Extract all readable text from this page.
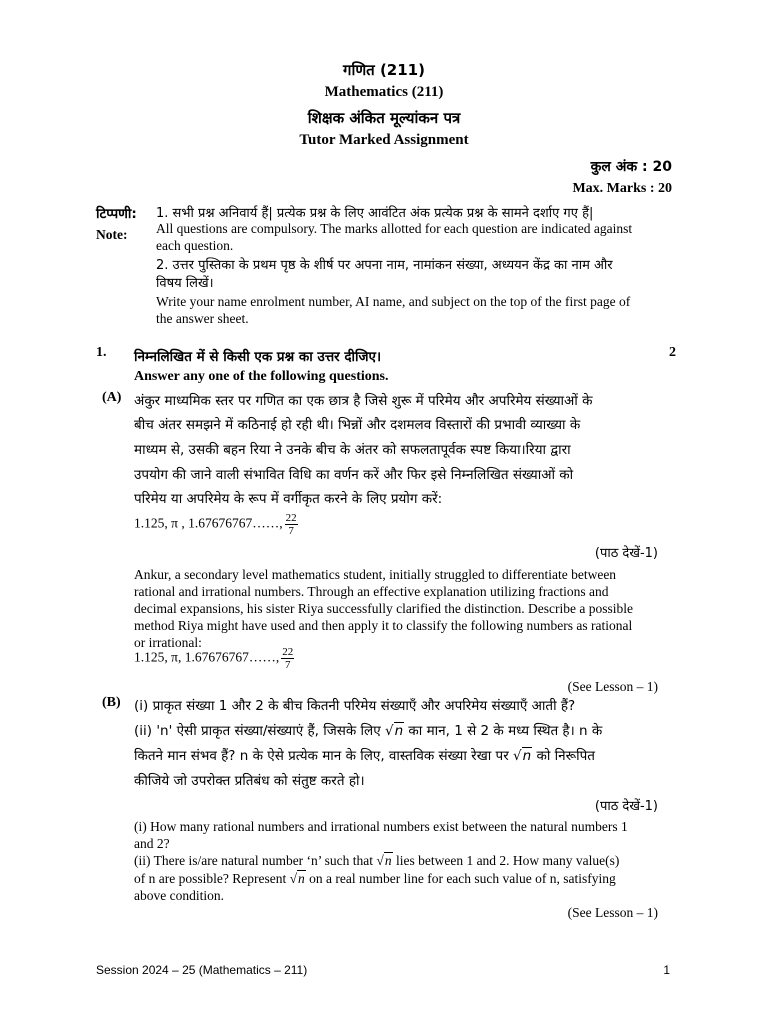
गणित (211)
Mathematics (211)
शिक्षक अंकित मूल्यांकन पत्र
Tutor Marked Assignment
कुल अंक : 20
Max. Marks : 20
टिप्पणी:
Note:
1. सभी प्रश्न अनिवार्य हैं| प्रत्येक प्रश्न के लिए आवंटित अंक प्रत्येक प्रश्न के सामने दर्शाए गए हैं|
All questions are compulsory. The marks allotted for each question are indicated against
each question.
2. उत्तर पुस्तिका के प्रथम पृष्ठ के शीर्ष पर अपना नाम, नामांकन संख्या, अध्ययन केंद्र का नाम और
विषय लिखें।
Write your name enrolment number, AI name, and subject on the top of the first page of
the answer sheet.
1. निम्नलिखित में से किसी एक प्रश्न का उत्तर दीजिए।
Answer any one of the following questions.
2
(A) अंकुर माध्यमिक स्तर पर गणित का एक छात्र है जिसे शुरू में परिमेय और अपरिमेय संख्याओं के
बीच अंतर समझने में कठिनाई हो रही थी। भिन्नों और दशमलव विस्तारों की प्रभावी व्याख्या के
माध्यम से, उसकी बहन रिया ने उनके बीच के अंतर को सफलतापूर्वक स्पष्ट किया।रिया द्वारा
उपयोग की जाने वाली संभावित विधि का वर्णन करें और फिर इसे निम्नलिखित संख्याओं को
परिमेय या अपरिमेय के रूप में वर्गीकृत करने के लिए प्रयोग करें:
1.125, π , 1.67676767……, $\frac{22}{7}$
(पाठ देखें-1)
Ankur, a secondary level mathematics student, initially struggled to differentiate between
rational and irrational numbers. Through an effective explanation utilizing fractions and
decimal expansions, his sister Riya successfully clarified the distinction. Describe a possible
method Riya might have used and then apply it to classify the following numbers as rational
or irrational:
1.125, π, 1.67676767……, $\frac{22}{7}$
(See Lesson – 1)
(B) (i) प्राकृत संख्या 1 और 2 के बीच कितनी परिमेय संख्याएँ और अपरिमेय संख्याएँ आती हैं?
(ii) 'n' ऐसी प्राकृत संख्या/संख्याएं हैं, जिसके लिए √n का मान, 1 से 2 के मध्य स्थित है। n के
कितने मान संभव हैं? n के ऐसे प्रत्येक मान के लिए, वास्तविक संख्या रेखा पर √n को निरूपित
कीजिये जो उपरोक्त प्रतिबंध को संतुष्ट करते हो।
(पाठ देखें-1)
(i) How many rational numbers and irrational numbers exist between the natural numbers 1
and 2?
(ii) There is/are natural number ‘n’ such that √n lies between 1 and 2. How many value(s)
of n are possible? Represent √n on a real number line for each such value of n, satisfying
above condition.
(See Lesson – 1)
Session 2024 – 25 (Mathematics – 211)	1
